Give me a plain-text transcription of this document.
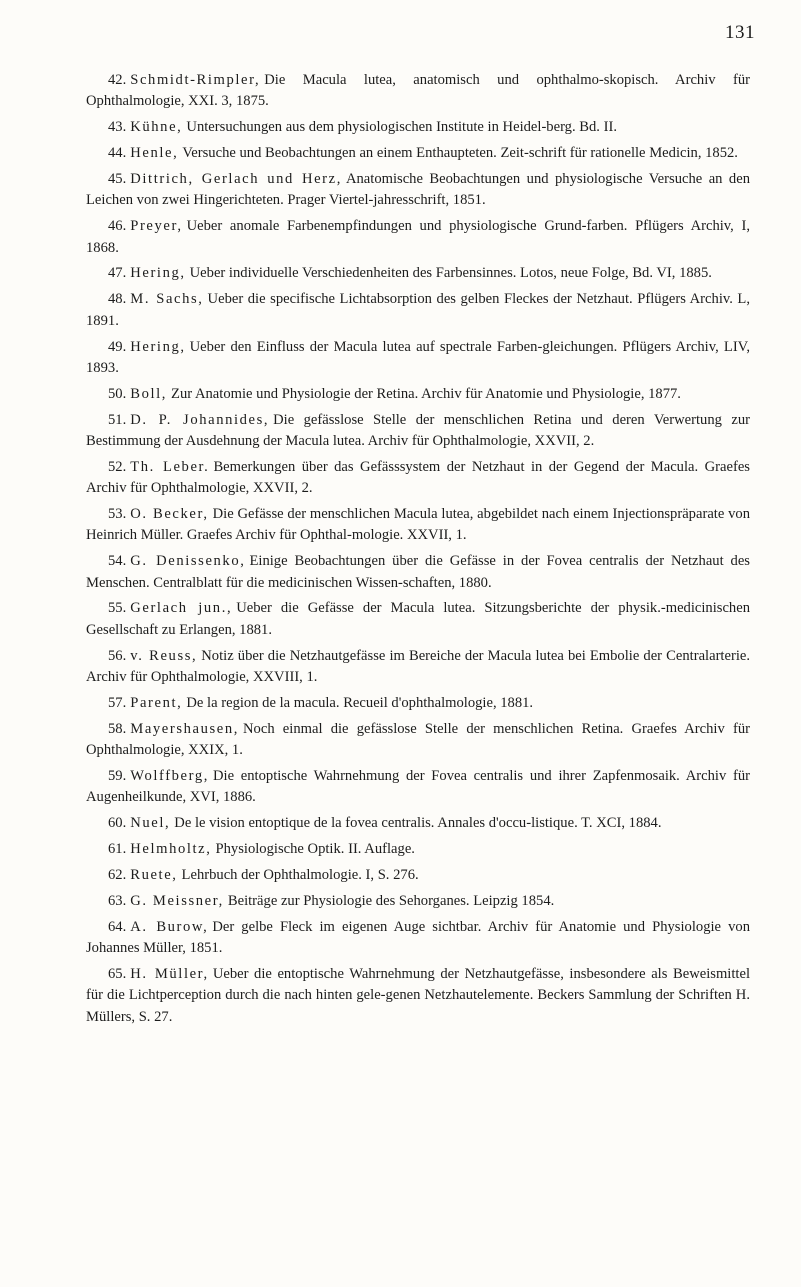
131

42. Schmidt-Rimpler, Die Macula lutea, anatomisch und ophthalmo-skopisch. Archiv für Ophthalmologie, XXI. 3, 1875.

43. Kühne, Untersuchungen aus dem physiologischen Institute in Heidel-berg. Bd. II.

44. Henle, Versuche und Beobachtungen an einem Enthaupteten. Zeit-schrift für rationelle Medicin, 1852.

45. Dittrich, Gerlach und Herz, Anatomische Beobachtungen und physiologische Versuche an den Leichen von zwei Hingerichteten. Prager Viertel-jahresschrift, 1851.

46. Preyer, Ueber anomale Farbenempfindungen und physiologische Grund-farben. Pflügers Archiv, I, 1868.

47. Hering, Ueber individuelle Verschiedenheiten des Farbensinnes. Lotos, neue Folge, Bd. VI, 1885.

48. M. Sachs, Ueber die specifische Lichtabsorption des gelben Fleckes der Netzhaut. Pflügers Archiv. L, 1891.

49. Hering, Ueber den Einfluss der Macula lutea auf spectrale Farben-gleichungen. Pflügers Archiv, LIV, 1893.

50. Boll, Zur Anatomie und Physiologie der Retina. Archiv für Anatomie und Physiologie, 1877.

51. D. P. Johannides, Die gefässlose Stelle der menschlichen Retina und deren Verwertung zur Bestimmung der Ausdehnung der Macula lutea. Archiv für Ophthalmologie, XXVII, 2.

52. Th. Leber. Bemerkungen über das Gefässsystem der Netzhaut in der Gegend der Macula. Graefes Archiv für Ophthalmologie, XXVII, 2.

53. O. Becker, Die Gefässe der menschlichen Macula lutea, abgebildet nach einem Injectionspräparate von Heinrich Müller. Graefes Archiv für Ophthal-mologie. XXVII, 1.

54. G. Denissenko, Einige Beobachtungen über die Gefässe in der Fovea centralis der Netzhaut des Menschen. Centralblatt für die medicinischen Wissen-schaften, 1880.

55. Gerlach jun., Ueber die Gefässe der Macula lutea. Sitzungsberichte der physik.-medicinischen Gesellschaft zu Erlangen, 1881.

56. v. Reuss, Notiz über die Netzhautgefässe im Bereiche der Macula lutea bei Embolie der Centralarterie. Archiv für Ophthalmologie, XXVIII, 1.

57. Parent, De la region de la macula. Recueil d'ophthalmologie, 1881.

58. Mayershausen, Noch einmal die gefässlose Stelle der menschlichen Retina. Graefes Archiv für Ophthalmologie, XXIX, 1.

59. Wolffberg, Die entoptische Wahrnehmung der Fovea centralis und ihrer Zapfenmosaik. Archiv für Augenheilkunde, XVI, 1886.

60. Nuel, De le vision entoptique de la fovea centralis. Annales d'occu-listique. T. XCI, 1884.

61. Helmholtz, Physiologische Optik. II. Auflage.

62. Ruete, Lehrbuch der Ophthalmologie. I, S. 276.

63. G. Meissner, Beiträge zur Physiologie des Sehorganes. Leipzig 1854.

64. A. Burow, Der gelbe Fleck im eigenen Auge sichtbar. Archiv für Anatomie und Physiologie von Johannes Müller, 1851.

65. H. Müller, Ueber die entoptische Wahrnehmung der Netzhautgefässe, insbesondere als Beweismittel für die Lichtperception durch die nach hinten gele-genen Netzhautelemente. Beckers Sammlung der Schriften H. Müllers, S. 27.
